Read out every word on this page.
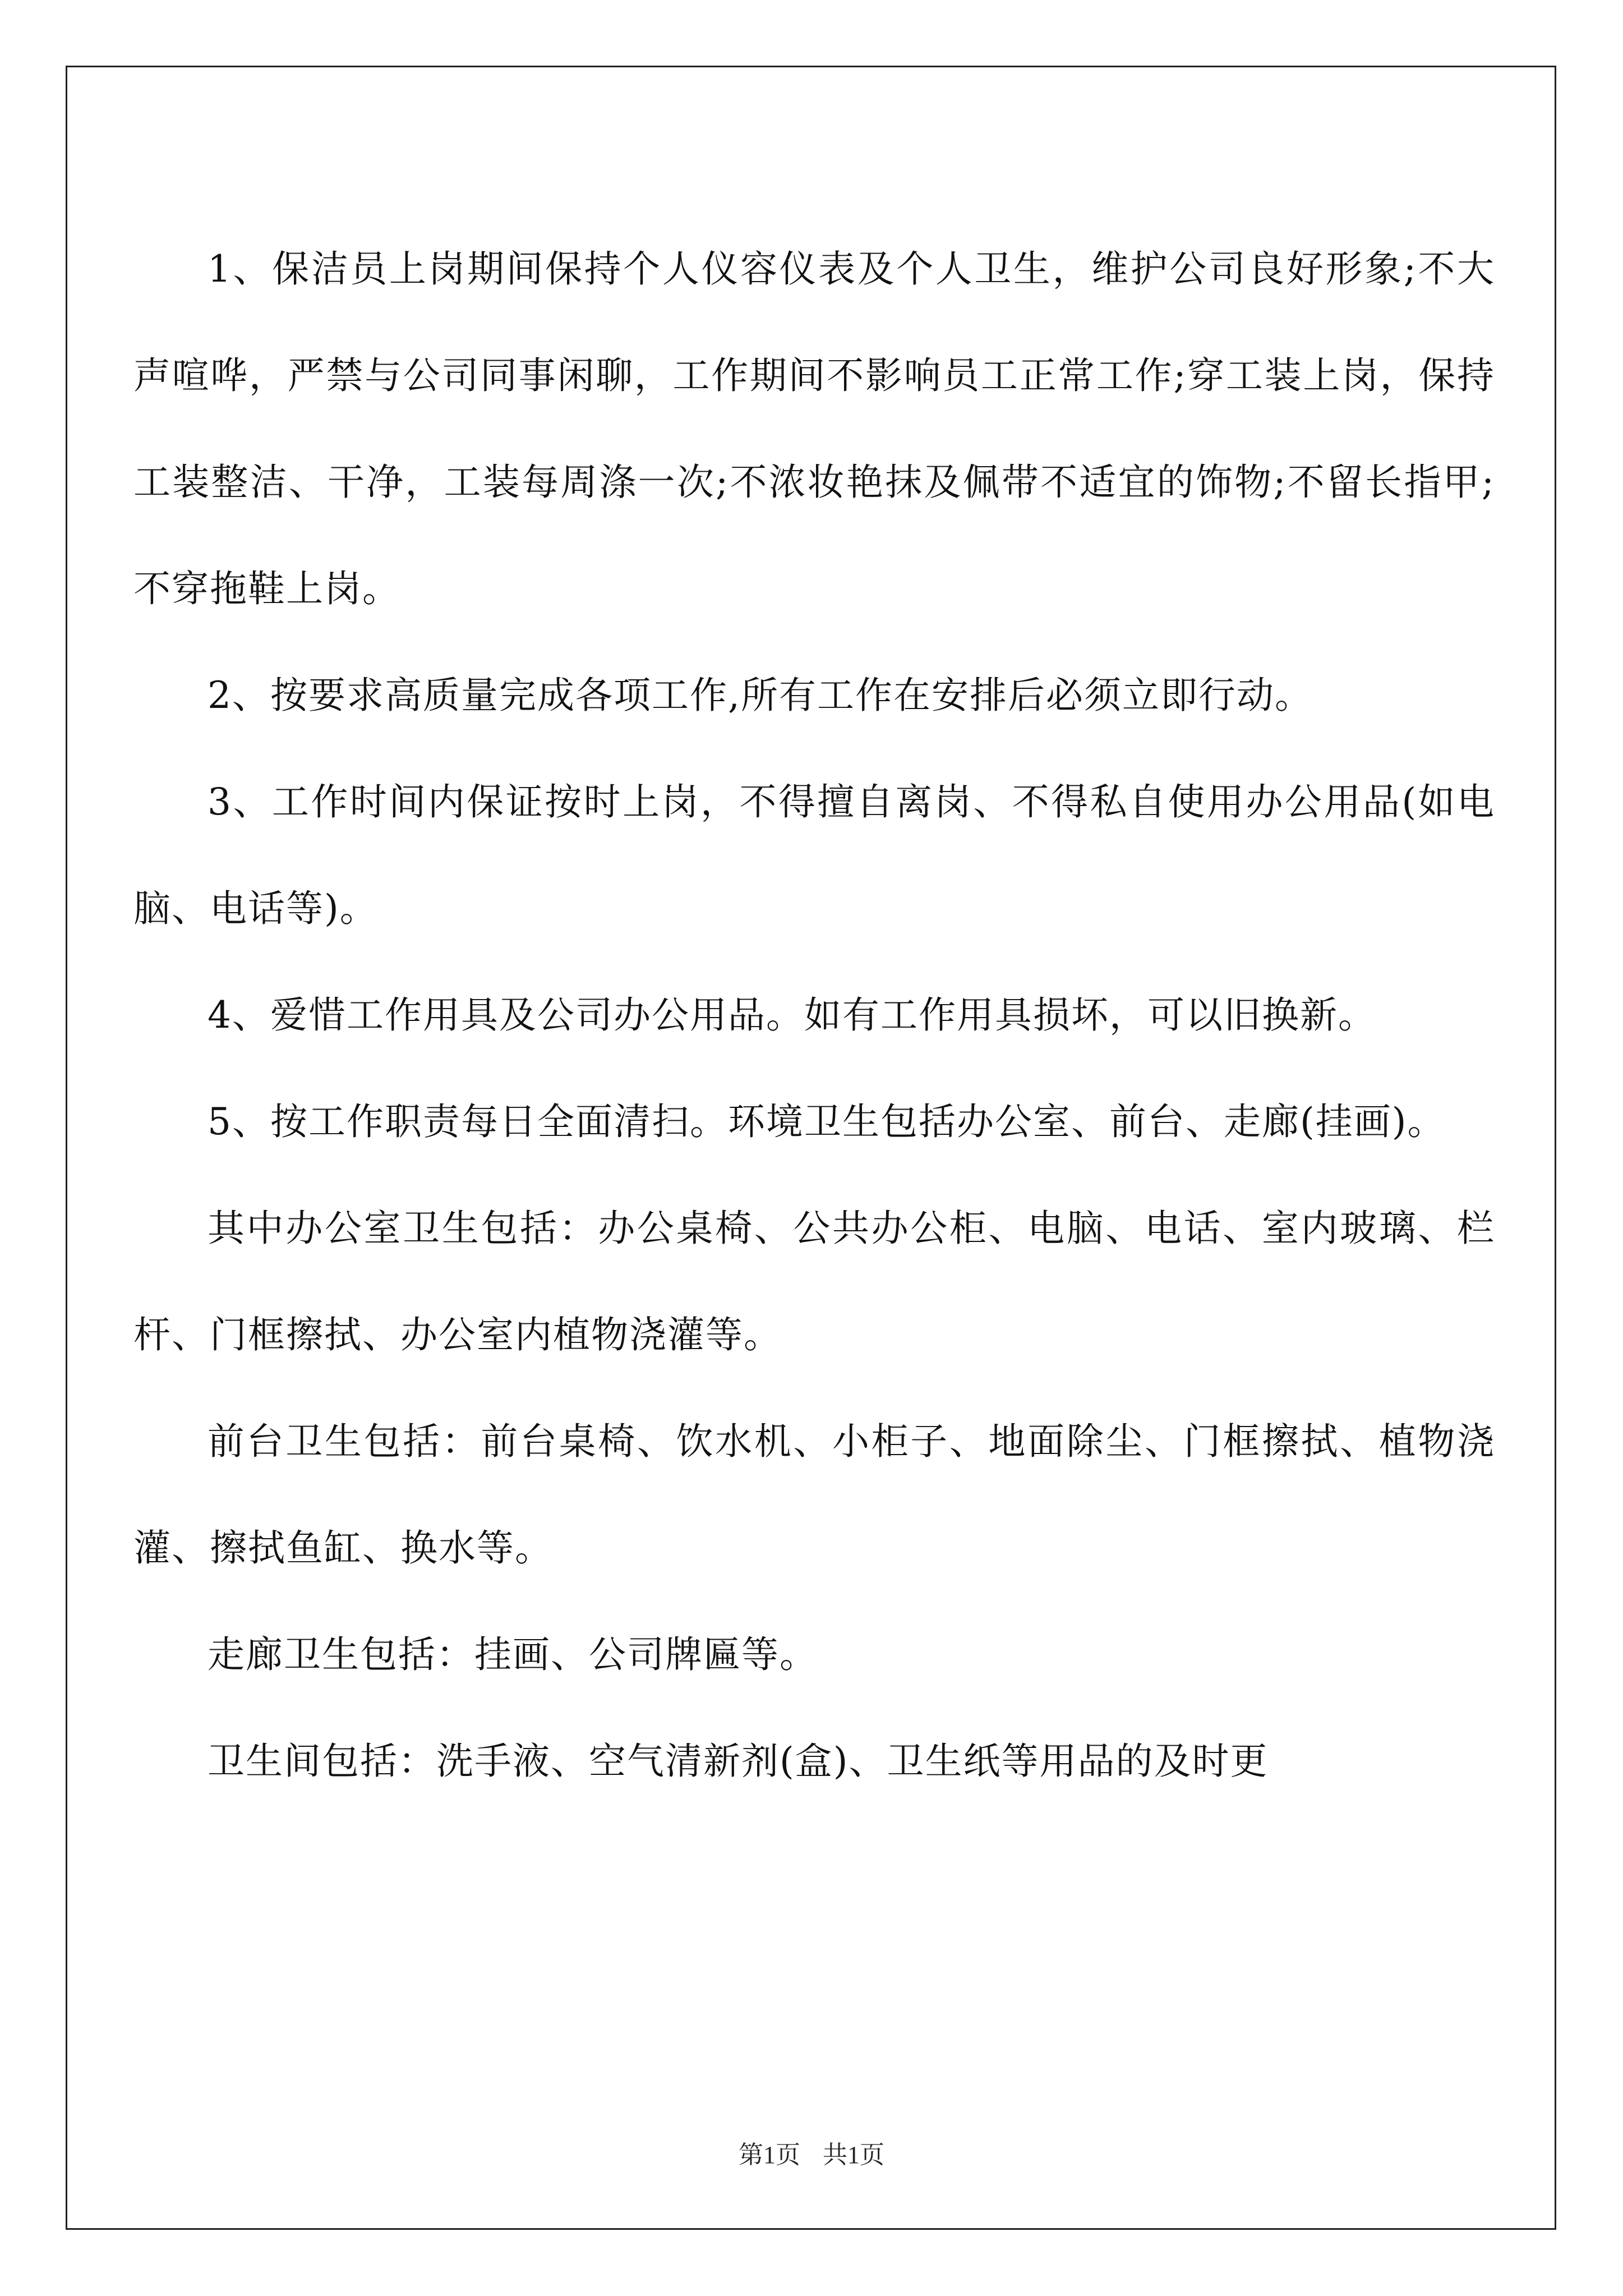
1、保洁员上岗期间保持个人仪容仪表及个人卫生，维护公司良好形象;不大声喧哗，严禁与公司同事闲聊，工作期间不影响员工正常工作;穿工装上岗，保持工装整洁、干净，工装每周涤一次;不浓妆艳抹及佩带不适宜的饰物;不留长指甲;不穿拖鞋上岗。

2、按要求高质量完成各项工作,所有工作在安排后必须立即行动。

3、工作时间内保证按时上岗，不得擅自离岗、不得私自使用办公用品(如电脑、电话等)。

4、爱惜工作用具及公司办公用品。如有工作用具损坏，可以旧换新。

5、按工作职责每日全面清扫。环境卫生包括办公室、前台、走廊(挂画)。

其中办公室卫生包括：办公桌椅、公共办公柜、电脑、电话、室内玻璃、栏杆、门框擦拭、办公室内植物浇灌等。

前台卫生包括：前台桌椅、饮水机、小柜子、地面除尘、门框擦拭、植物浇灌、擦拭鱼缸、换水等。

走廊卫生包括：挂画、公司牌匾等。

卫生间包括：洗手液、空气清新剂(盒)、卫生纸等用品的及时更

第1页 共1页
